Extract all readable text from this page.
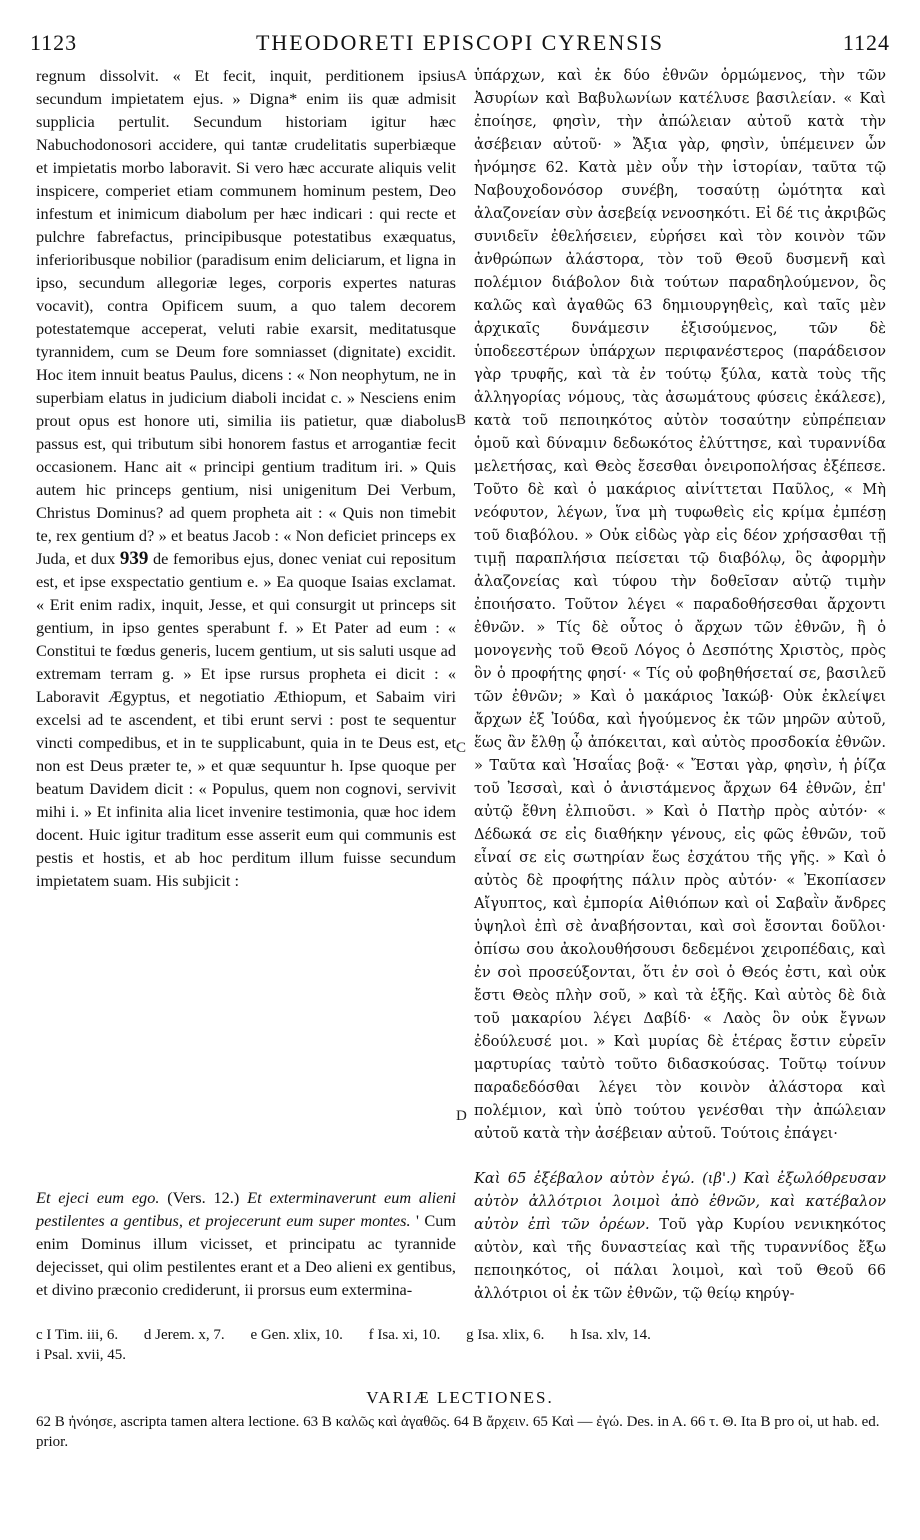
1123	THEODORETI EPISCOPI CYRENSIS	1124
A
B
C
D

regnum dissolvit. « Et fecit, inquit, perditionem ipsius secundum impietatem ejus. » Digna* enim iis quæ admisit supplicia pertulit. Secundum historiam igitur hæc Nabuchodonosori accidere, qui tantæ crudelitatis superbiæque et impietatis morbo laboravit. Si vero hæc accurate aliquis velit inspicere, comperiet etiam communem hominum pestem, Deo infestum et inimicum diabolum per hæc indicari : qui recte et pulchre fabrefactus, principibusque potestatibus exæquatus, inferioribusque nobilior (paradisum enim deliciarum, et ligna in ipso, secundum allegoriæ leges, corporis expertes naturas vocavit), contra Opificem suum, a quo talem decorem potestatemque acceperat, veluti rabie exarsit, meditatusque tyrannidem, cum se Deum fore somniasset (dignitate) excidit. Hoc item innuit beatus Paulus, dicens : « Non neophytum, ne in superbiam elatus in judicium diaboli incidat c. » Nesciens enim prout opus est honore uti, similia iis patietur, quæ diabolus passus est, qui tributum sibi honorem fastus et arrogantiæ fecit occasionem. Hanc ait « principi gentium traditum iri. » Quis autem hic princeps gentium, nisi unigenitum Dei Verbum, Christus Dominus? ad quem propheta ait : « Quis non timebit te, rex gentium d? » et beatus Jacob : « Non deficiet princeps ex Juda, et dux 939 de femoribus ejus, donec veniat cui repositum est, et ipse exspectatio gentium e. » Ea quoque Isaias exclamat. « Erit enim radix, inquit, Jesse, et qui consurgit ut princeps sit gentium, in ipso gentes sperabunt f. » Et Pater ad eum : « Constitui te fœdus generis, lucem gentium, ut sis saluti usque ad extremam terram g. » Et ipse rursus propheta ei dicit : « Laboravit Ægyptus, et negotiatio Æthiopum, et Sabaim viri excelsi ad te ascendent, et tibi erunt servi : post te sequentur vincti compedibus, et in te supplicabunt, quia in te Deus est, et non est Deus præter te, » et quæ sequuntur h. Ipse quoque per beatum Davidem dicit : « Populus, quem non cognovi, servivit mihi i. » Et infinita alia licet invenire testimonia, quæ hoc idem docent. Huic igitur traditum esse asserit eum qui communis est pestis et hostis, et ab hoc perditum illum fuisse secundum impietatem suam. His subjicit :

Et ejeci eum ego. (Vers. 12.) Et exterminaverunt eum alieni pestilentes a gentibus, et projecerunt eum super montes. ' Cum enim Dominus illum vicisset, et principatu ac tyrannide dejecisset, qui olim pestilentes erant et a Deo alieni ex gentibus, et divino præconio crediderunt, ii prorsus eum extermina-

ὑπάρχων, καὶ ἐκ δύο ἐθνῶν ὁρμώμενος, τὴν τῶν Ἀσυρίων καὶ Βαβυλωνίων κατέλυσε βασιλείαν. « Καὶ ἐποίησε, φησὶν, τὴν ἀπώλειαν αὐτοῦ κατὰ τὴν ἀσέβειαν αὐτοῦ· » Ἄξια γὰρ, φησὶν, ὑπέμεινεν ὧν ἠνόμησε 62. Κατὰ μὲν οὖν τὴν ἱστορίαν, ταῦτα τῷ Ναβουχοδονόσορ συνέβη, τοσαύτῃ ὠμότητα καὶ ἀλαζονείαν σὺν ἀσεβείᾳ νενοσηκότι. Εἰ δέ τις ἀκριβῶς συνιδεῖν ἐθελήσειεν, εὑρήσει καὶ τὸν κοινὸν τῶν ἀνθρώπων ἀλάστορα, τὸν τοῦ Θεοῦ δυσμενῆ καὶ πολέμιον διάβολον διὰ τούτων παραδηλούμενον, ὃς καλῶς καὶ ἀγαθῶς 63 δημιουργηθεὶς, καὶ ταῖς μὲν ἀρχικαῖς δυνάμεσιν ἐξισούμενος, τῶν δὲ ὑποδεεστέρων ὑπάρχων περιφανέστερος (παράδεισον γὰρ τρυφῆς, καὶ τὰ ἐν τούτῳ ξύλα, κατὰ τοὺς τῆς ἀλληγορίας νόμους, τὰς ἀσωμάτους φύσεις ἐκάλεσε), κατὰ τοῦ πεποιηκότος αὐτὸν τοσαύτην εὐπρέπειαν ὁμοῦ καὶ δύναμιν δεδωκότος ἐλύττησε, καὶ τυραννίδα μελετήσας, καὶ Θεὸς ἔσεσθαι ὀνειροπολήσας ἐξέπεσε. Τοῦτο δὲ καὶ ὁ μακάριος αἰνίττεται Παῦλος, « Μὴ νεόφυτον, λέγων, ἵνα μὴ τυφωθεὶς εἰς κρίμα ἐμπέσῃ τοῦ διαβόλου. » Οὐκ εἰδὼς γὰρ εἰς δέον χρήσασθαι τῇ τιμῇ παραπλήσια πείσεται τῷ διαβόλῳ, ὃς ἀφορμὴν ἀλαζονείας καὶ τύφου τὴν δοθεῖσαν αὐτῷ τιμὴν ἐποιήσατο. Τοῦτον λέγει « παραδοθήσεσθαι ἄρχοντι ἐθνῶν. » Τίς δὲ οὗτος ὁ ἄρχων τῶν ἐθνῶν, ἢ ὁ μονογενὴς τοῦ Θεοῦ Λόγος ὁ Δεσπότης Χριστὸς, πρὸς ὃν ὁ προφήτης φησί· « Τίς οὐ φοβηθήσεταί σε, βασιλεῦ τῶν ἐθνῶν; » Καὶ ὁ μακάριος Ἰακώβ· Οὐκ ἐκλείψει ἄρχων ἐξ Ἰούδα, καὶ ἡγούμενος ἐκ τῶν μηρῶν αὐτοῦ, ἕως ἂν ἔλθῃ ᾧ ἀπόκειται, καὶ αὐτὸς προσδοκία ἐθνῶν. » Ταῦτα καὶ Ἡσαΐας βοᾷ· « Ἔσται γὰρ, φησὶν, ἡ ῥίζα τοῦ Ἰεσσαὶ, καὶ ὁ ἀνιστάμενος ἄρχων 64 ἐθνῶν, ἐπ' αὐτῷ ἔθνη ἐλπιοῦσι. » Καὶ ὁ Πατὴρ πρὸς αὐτόν· « Δέδωκά σε εἰς διαθήκην γένους, εἰς φῶς ἐθνῶν, τοῦ εἶναί σε εἰς σωτηρίαν ἕως ἐσχάτου τῆς γῆς. » Καὶ ὁ αὐτὸς δὲ προφήτης πάλιν πρὸς αὐτόν· « Ἐκοπίασεν Αἴγυπτος, καὶ ἐμπορία Αἰθιόπων καὶ οἱ Σαβαῒν ἄνδρες ὑψηλοὶ ἐπὶ σὲ ἀναβήσονται, καὶ σοὶ ἔσονται δοῦλοι· ὀπίσω σου ἀκολουθήσουσι δεδεμένοι χειροπέδαις, καὶ ἐν σοὶ προσεύξονται, ὅτι ἐν σοὶ ὁ Θεός ἐστι, καὶ οὐκ ἔστι Θεὸς πλὴν σοῦ, » καὶ τὰ ἑξῆς. Καὶ αὐτὸς δὲ διὰ τοῦ μακαρίου λέγει Δαβίδ· « Λαὸς ὃν οὐκ ἔγνων ἐδούλευσέ μοι. » Καὶ μυρίας δὲ ἑτέρας ἔστιν εὑρεῖν μαρτυρίας ταὐτὸ τοῦτο διδασκούσας. Τοῦτῳ τοίνυν παραδεδόσθαι λέγει τὸν κοινὸν ἀλάστορα καὶ πολέμιον, καὶ ὑπὸ τούτου γενέσθαι τὴν ἀπώλειαν αὐτοῦ κατὰ τὴν ἀσέβειαν αὐτοῦ. Τούτοις ἐπάγει·

Καὶ 65 ἐξέβαλον αὐτὸν ἐγώ. (ιβ'.) Καὶ ἐξωλόθρευσαν αὐτὸν ἀλλότριοι λοιμοὶ ἀπὸ ἐθνῶν, καὶ κατέβαλον αὐτὸν ἐπὶ τῶν ὀρέων. Τοῦ γὰρ Κυρίου νενικηκότος αὐτὸν, καὶ τῆς δυναστείας καὶ τῆς τυραννίδος ἔξω πεποιηκότος, οἱ πάλαι λοιμοὶ, καὶ τοῦ Θεοῦ 66 ἀλλότριοι οἱ ἐκ τῶν ἐθνῶν, τῷ θείῳ κηρύγ-

c I Tim. iii, 6. d Jerem. x, 7. e Gen. xlix, 10. f Isa. xi, 10. g Isa. xlix, 6. h Isa. xlv, 14.
i Psal. xvii, 45.
VARIÆ LECTIONES.
62 B ἠνόησε, ascripta tamen altera lectione. 63 B καλῶς καὶ ἀγαθῶς. 64 B ἄρχειν. 65 Καὶ — ἐγώ. Des. in A. 66 τ. Θ. Ita B pro οἱ, ut hab. ed. prior.
